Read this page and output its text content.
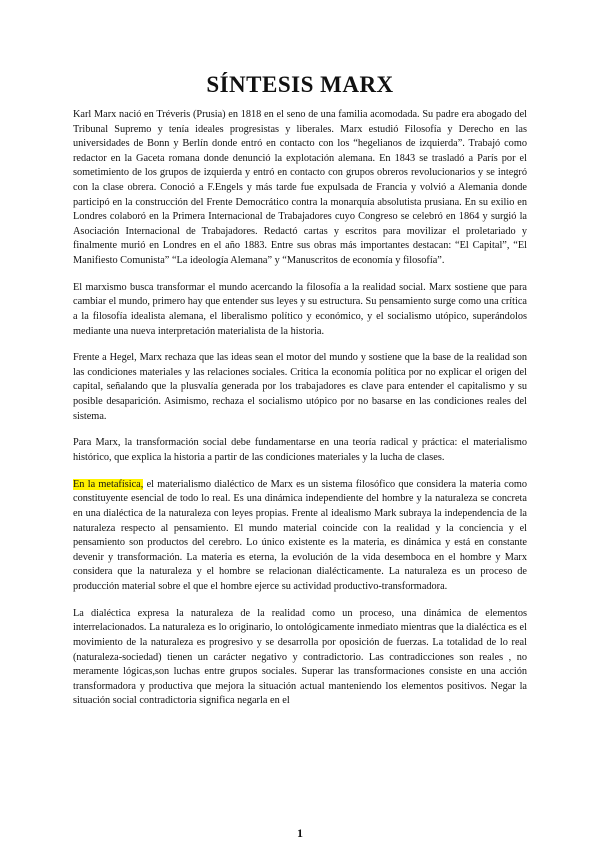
SÍNTESIS MARX

Karl Marx nació en Tréveris (Prusia) en 1818 en el seno de una familia acomodada. Su padre era abogado del Tribunal Supremo y tenía ideales progresistas y liberales. Marx estudió Filosofía y Derecho en las universidades de Bonn y Berlín donde entró en contacto con los “hegelianos de izquierda”. Trabajó como redactor en la Gaceta romana donde denunció la explotación alemana. En 1843 se trasladó a París por el sometimiento de los grupos de izquierda y entró en contacto con grupos obreros revolucionarios y se integró con la clase obrera. Conoció a F.Engels y más tarde fue expulsada de Francia y volvió a Alemania donde participó en la construcción del Frente Democrático contra la monarquía absolutista prusiana. En su exilio en Londres colaboró en la Primera Internacional de Trabajadores cuyo Congreso se celebró en 1864 y surgió la Asociación Internacional de Trabajadores. Redactó cartas y escritos para movilizar el proletariado y finalmente murió en Londres en el año 1883. Entre sus obras más importantes destacan: “El Capital”, “El Manifiesto Comunista” “La ideología Alemana” y “Manuscritos de economía y filosofía”.

El marxismo busca transformar el mundo acercando la filosofía a la realidad social. Marx sostiene que para cambiar el mundo, primero hay que entender sus leyes y su estructura. Su pensamiento surge como una crítica a la filosofía idealista alemana, el liberalismo político y económico, y el socialismo utópico, superándolos mediante una nueva interpretación materialista de la historia.

Frente a Hegel, Marx rechaza que las ideas sean el motor del mundo y sostiene que la base de la realidad son las condiciones materiales y las relaciones sociales. Critica la economía política por no explicar el origen del capital, señalando que la plusvalía generada por los trabajadores es clave para entender el capitalismo y su posible desaparición. Asimismo, rechaza el socialismo utópico por no basarse en las condiciones reales del sistema.

Para Marx, la transformación social debe fundamentarse en una teoría radical y práctica: el materialismo histórico, que explica la historia a partir de las condiciones materiales y la lucha de clases.

En la metafísica, el materialismo dialéctico de Marx es un sistema filosófico que considera la materia como constituyente esencial de todo lo real. Es una dinámica independiente del hombre y la naturaleza se concreta en una dialéctica de la naturaleza con leyes propias. Frente al idealismo Mark subraya la independencia de la naturaleza respecto al pensamiento. El mundo material coincide con la realidad y la conciencia y el pensamiento son productos del cerebro. Lo único existente es la materia, es dinámica y está en constante devenir y transformación. La materia es eterna, la evolución de la vida desemboca en el hombre y Marx considera que la naturaleza y el hombre se relacionan dialécticamente. La naturaleza es un proceso de producción material sobre el que el hombre ejerce su actividad productivo-transformadora.

La dialéctica expresa la naturaleza de la realidad como un proceso, una dinámica de elementos interrelacionados. La naturaleza es lo originario, lo ontológicamente inmediato mientras que la dialéctica es el movimiento de la naturaleza es progresivo y se desarrolla por oposición de fuerzas. La totalidad de lo real (naturaleza-sociedad) tienen un carácter negativo y contradictorio. Las contradicciones son reales , no meramente lógicas,son luchas entre grupos sociales. Superar las transformaciones consiste en una acción transformadora y productiva que mejora la situación actual manteniendo los elementos positivos. Negar la situación social contradictoria significa negarla en el

1
